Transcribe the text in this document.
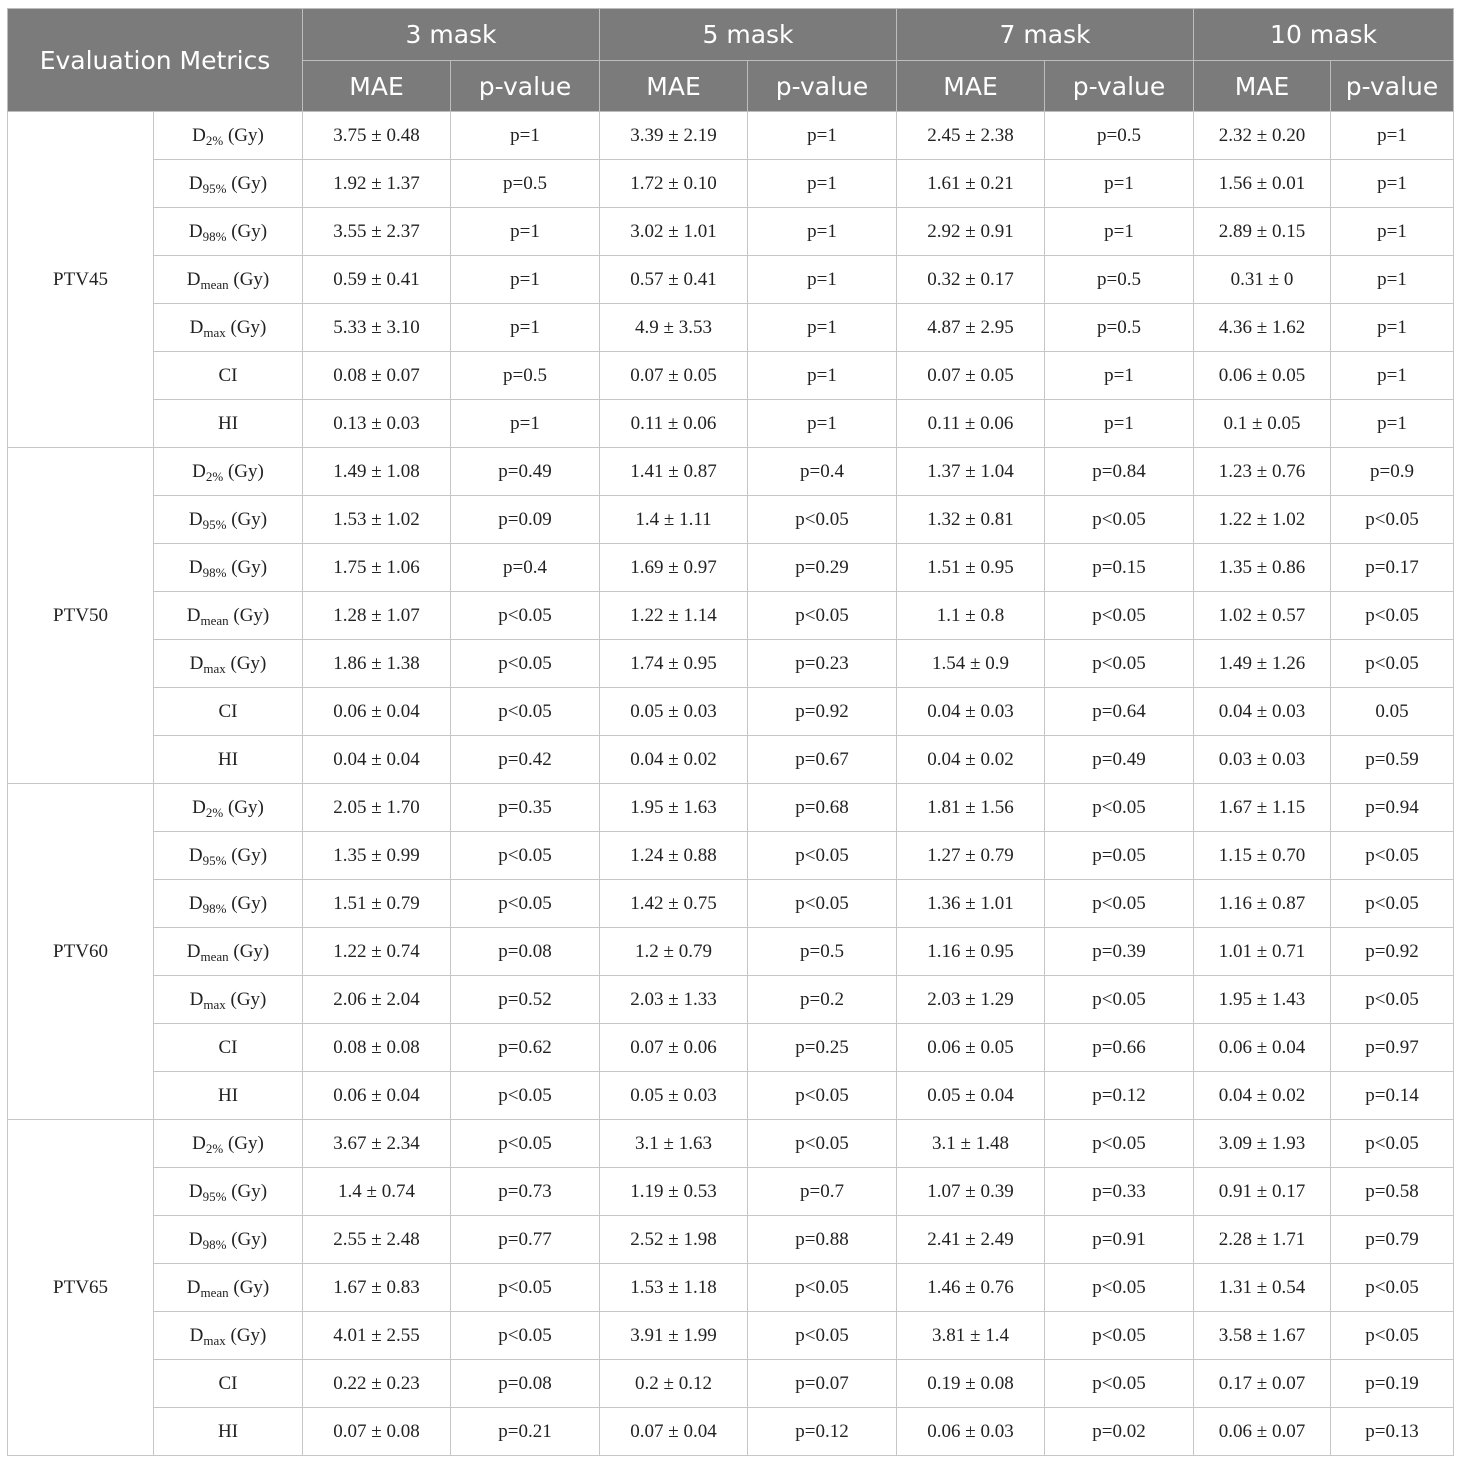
Evaluation Metrics		3 mask		5 mask		7 mask		10 mask	
		MAE	p-value	MAE	p-value	MAE	p-value	MAE	p-value
PTV45	$D_{2\%}$ (Gy)	3.75 ± 0.48	p=1	3.39 ± 2.19	p=1	2.45 ± 2.38	p=0.5	2.32 ± 0.20	p=1
	$D_{95\%}$ (Gy)	1.92 ± 1.37	p=0.5	1.72 ± 0.10	p=1	1.61 ± 0.21	p=1	1.56 ± 0.01	p=1
	$D_{98\%}$ (Gy)	3.55 ± 2.37	p=1	3.02 ± 1.01	p=1	2.92 ± 0.91	p=1	2.89 ± 0.15	p=1
	$D_{mean}$ (Gy)	0.59 ± 0.41	p=1	0.57 ± 0.41	p=1	0.32 ± 0.17	p=0.5	0.31 ± 0	p=1
	$D_{max}$ (Gy)	5.33 ± 3.10	p=1	4.9 ± 3.53	p=1	4.87 ± 2.95	p=0.5	4.36 ± 1.62	p=1
	CI	0.08 ± 0.07	p=0.5	0.07 ± 0.05	p=1	0.07 ± 0.05	p=1	0.06 ± 0.05	p=1
	HI	0.13 ± 0.03	p=1	0.11 ± 0.06	p=1	0.11 ± 0.06	p=1	0.1 ± 0.05	p=1
PTV50	$D_{2\%}$ (Gy)	1.49 ± 1.08	p=0.49	1.41 ± 0.87	p=0.4	1.37 ± 1.04	p=0.84	1.23 ± 0.76	p=0.9
	$D_{95\%}$ (Gy)	1.53 ± 1.02	p=0.09	1.4 ± 1.11	p<0.05	1.32 ± 0.81	p<0.05	1.22 ± 1.02	p<0.05
	$D_{98\%}$ (Gy)	1.75 ± 1.06	p=0.4	1.69 ± 0.97	p=0.29	1.51 ± 0.95	p=0.15	1.35 ± 0.86	p=0.17
	$D_{mean}$ (Gy)	1.28 ± 1.07	p<0.05	1.22 ± 1.14	p<0.05	1.1 ± 0.8	p<0.05	1.02 ± 0.57	p<0.05
	$D_{max}$ (Gy)	1.86 ± 1.38	p<0.05	1.74 ± 0.95	p=0.23	1.54 ± 0.9	p<0.05	1.49 ± 1.26	p<0.05
	CI	0.06 ± 0.04	p<0.05	0.05 ± 0.03	p=0.92	0.04 ± 0.03	p=0.64	0.04 ± 0.03	0.05
	HI	0.04 ± 0.04	p=0.42	0.04 ± 0.02	p=0.67	0.04 ± 0.02	p=0.49	0.03 ± 0.03	p=0.59
PTV60	$D_{2\%}$ (Gy)	2.05 ± 1.70	p=0.35	1.95 ± 1.63	p=0.68	1.81 ± 1.56	p<0.05	1.67 ± 1.15	p=0.94
	$D_{95\%}$ (Gy)	1.35 ± 0.99	p<0.05	1.24 ± 0.88	p<0.05	1.27 ± 0.79	p=0.05	1.15 ± 0.70	p<0.05
	$D_{98\%}$ (Gy)	1.51 ± 0.79	p<0.05	1.42 ± 0.75	p<0.05	1.36 ± 1.01	p<0.05	1.16 ± 0.87	p<0.05
	$D_{mean}$ (Gy)	1.22 ± 0.74	p=0.08	1.2 ± 0.79	p=0.5	1.16 ± 0.95	p=0.39	1.01 ± 0.71	p=0.92
	$D_{max}$ (Gy)	2.06 ± 2.04	p=0.52	2.03 ± 1.33	p=0.2	2.03 ± 1.29	p<0.05	1.95 ± 1.43	p<0.05
	CI	0.08 ± 0.08	p=0.62	0.07 ± 0.06	p=0.25	0.06 ± 0.05	p=0.66	0.06 ± 0.04	p=0.97
	HI	0.06 ± 0.04	p<0.05	0.05 ± 0.03	p<0.05	0.05 ± 0.04	p=0.12	0.04 ± 0.02	p=0.14
PTV65	$D_{2\%}$ (Gy)	3.67 ± 2.34	p<0.05	3.1 ± 1.63	p<0.05	3.1 ± 1.48	p<0.05	3.09 ± 1.93	p<0.05
	$D_{95\%}$ (Gy)	1.4 ± 0.74	p=0.73	1.19 ± 0.53	p=0.7	1.07 ± 0.39	p=0.33	0.91 ± 0.17	p=0.58
	$D_{98\%}$ (Gy)	2.55 ± 2.48	p=0.77	2.52 ± 1.98	p=0.88	2.41 ± 2.49	p=0.91	2.28 ± 1.71	p=0.79
	$D_{mean}$ (Gy)	1.67 ± 0.83	p<0.05	1.53 ± 1.18	p<0.05	1.46 ± 0.76	p<0.05	1.31 ± 0.54	p<0.05
	$D_{max}$ (Gy)	4.01 ± 2.55	p<0.05	3.91 ± 1.99	p<0.05	3.81 ± 1.4	p<0.05	3.58 ± 1.67	p<0.05
	CI	0.22 ± 0.23	p=0.08	0.2 ± 0.12	p=0.07	0.19 ± 0.08	p<0.05	0.17 ± 0.07	p=0.19
	HI	0.07 ± 0.08	p=0.21	0.07 ± 0.04	p=0.12	0.06 ± 0.03	p=0.02	0.06 ± 0.07	p=0.13
